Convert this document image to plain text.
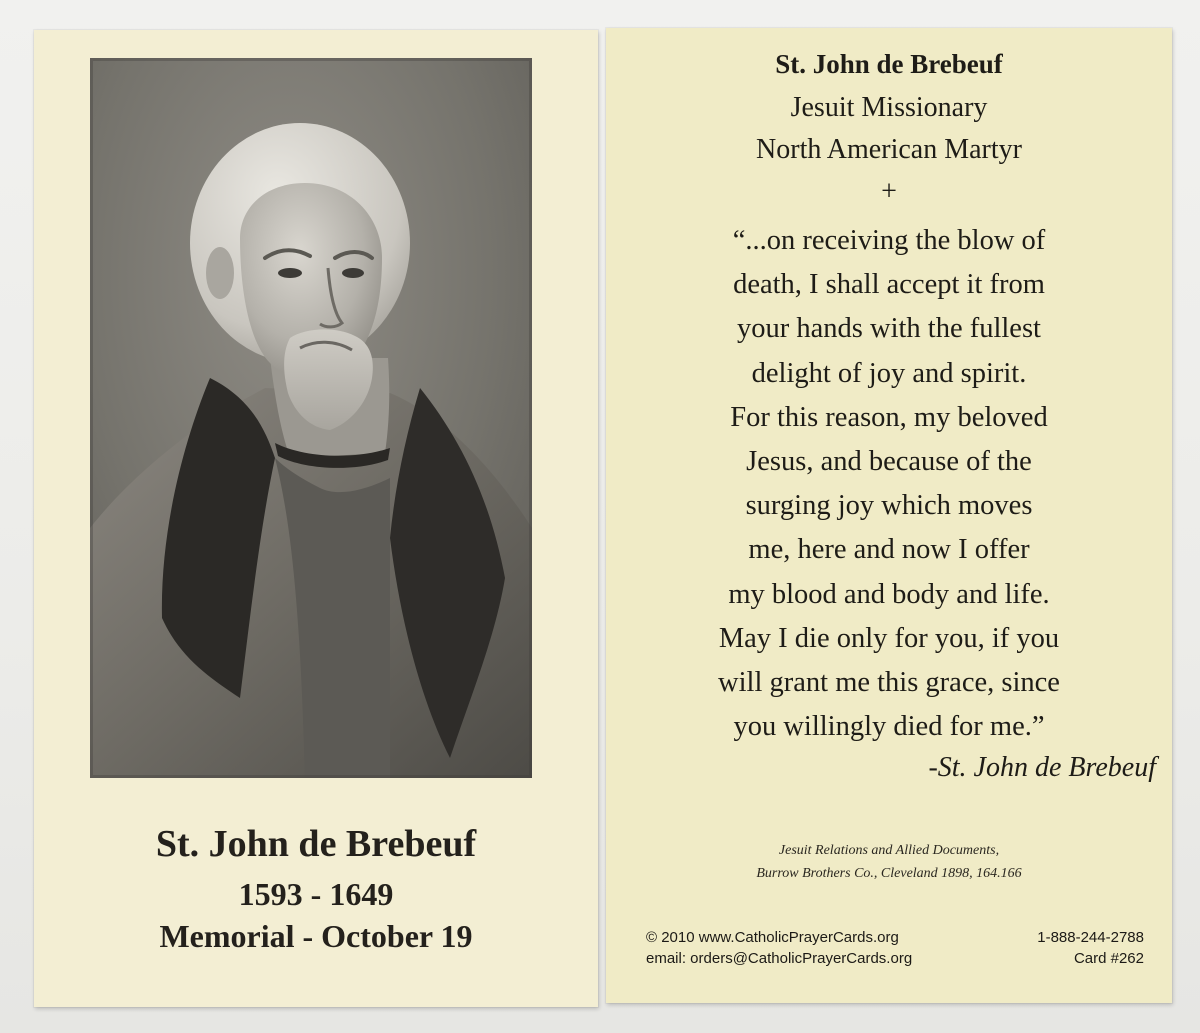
St. John de Brebeuf

1593 - 1649

Memorial - October 19

St. John de Brebeuf

Jesuit Missionary

North American Martyr

+

“...on receiving the blow of
death, I shall accept it from
your hands with the fullest
delight of joy and spirit.
For this reason, my beloved
Jesus, and because of the
surging joy which moves
me, here and now I offer
my blood and body and life.
May I die only for you, if you
will grant me this grace, since
you willingly died for me.”
-St. John de Brebeuf
Jesuit Relations and Allied Documents,
Burrow Brothers Co., Cleveland 1898, 164.166
© 2010 www.CatholicPrayerCards.org	1-888-244-2788
email: orders@CatholicPrayerCards.org	Card #262
